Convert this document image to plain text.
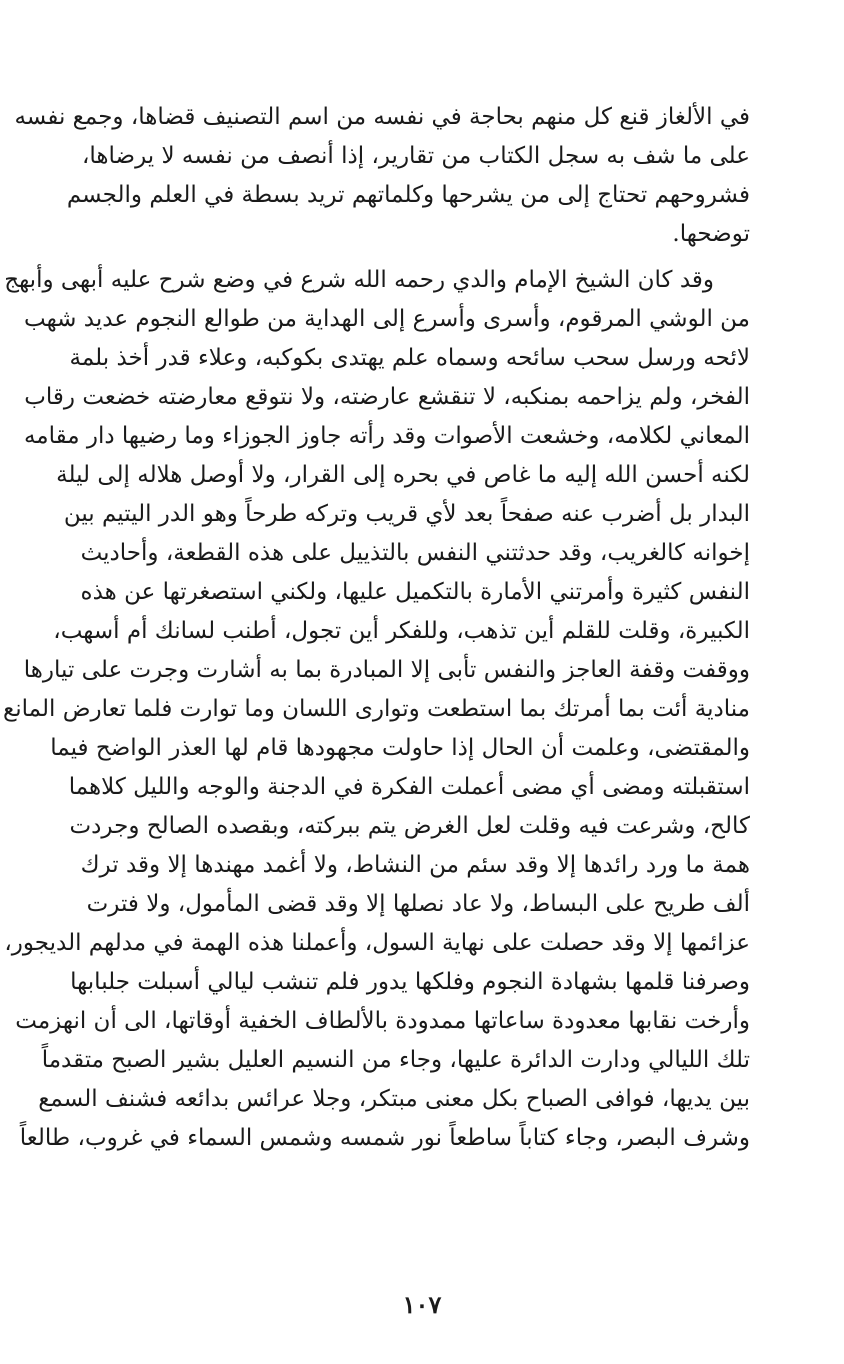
في الألغاز قنع كل منهم بحاجة في نفسه من اسم التصنيف قضاها، وجمع نفسه
على ما شف به سجل الكتاب من تقارير، إذا أنصف من نفسه لا يرضاها،
فشروحهم تحتاج إلى من يشرحها وكلماتهم تريد بسطة في العلم والجسم
توضحها.
وقد كان الشيخ الإمام والدي رحمه الله شرع في وضع شرح عليه أبهى وأبهج
من الوشي المرقوم، وأسرى وأسرع إلى الهداية من طوالع النجوم عديد شهب
لائحه ورسل سحب سائحه وسماه علم يهتدى بكوكبه، وعلاء قدر أخذ بلمة
الفخر، ولم يزاحمه بمنكبه، لا تنقشع عارضته، ولا نتوقع معارضته خضعت رقاب
المعاني لكلامه، وخشعت الأصوات وقد رأته جاوز الجوزاء وما رضيها دار مقامه
لكنه أحسن الله إليه ما غاص في بحره إلى القرار، ولا أوصل هلاله إلى ليلة
البدار بل أضرب عنه صفحاً بعد لأي قريب وتركه طرحاً وهو الدر اليتيم بين
إخوانه كالغريب، وقد حدثتني النفس بالتذييل على هذه القطعة، وأحاديث
النفس كثيرة وأمرتني الأمارة بالتكميل عليها، ولكني استصغرتها عن هذه
الكبيرة، وقلت للقلم أين تذهب، وللفكر أين تجول، أطنب لسانك أم أسهب،
ووقفت وقفة العاجز والنفس تأبى إلا المبادرة بما به أشارت وجرت على تيارها
منادية أئت بما أمرتك بما استطعت وتوارى اللسان وما توارت فلما تعارض المانع
والمقتضى، وعلمت أن الحال إذا حاولت مجهودها قام لها العذر الواضح فيما
استقبلته ومضى أي مضى أعملت الفكرة في الدجنة والوجه والليل كلاهما
كالح، وشرعت فيه وقلت لعل الغرض يتم ببركته، وبقصده الصالح وجردت
همة ما ورد رائدها إلا وقد سئم من النشاط، ولا أغمد مهندها إلا وقد ترك
ألف طريح على البساط، ولا عاد نصلها إلا وقد قضى المأمول، ولا فترت
عزائمها إلا وقد حصلت على نهاية السول، وأعملنا هذه الهمة في مدلهم الديجور،
وصرفنا قلمها بشهادة النجوم وفلكها يدور فلم تنشب ليالي أسبلت جلبابها
وأرخت نقابها معدودة ساعاتها ممدودة بالألطاف الخفية أوقاتها، الى أن انهزمت
تلك الليالي ودارت الدائرة عليها، وجاء من النسيم العليل بشير الصبح متقدماً
بين يديها، فوافى الصباح بكل معنى مبتكر، وجلا عرائس بدائعه فشنف السمع
وشرف البصر، وجاء كتاباً ساطعاً نور شمسه وشمس السماء في غروب، طالعاً
١٠٧
